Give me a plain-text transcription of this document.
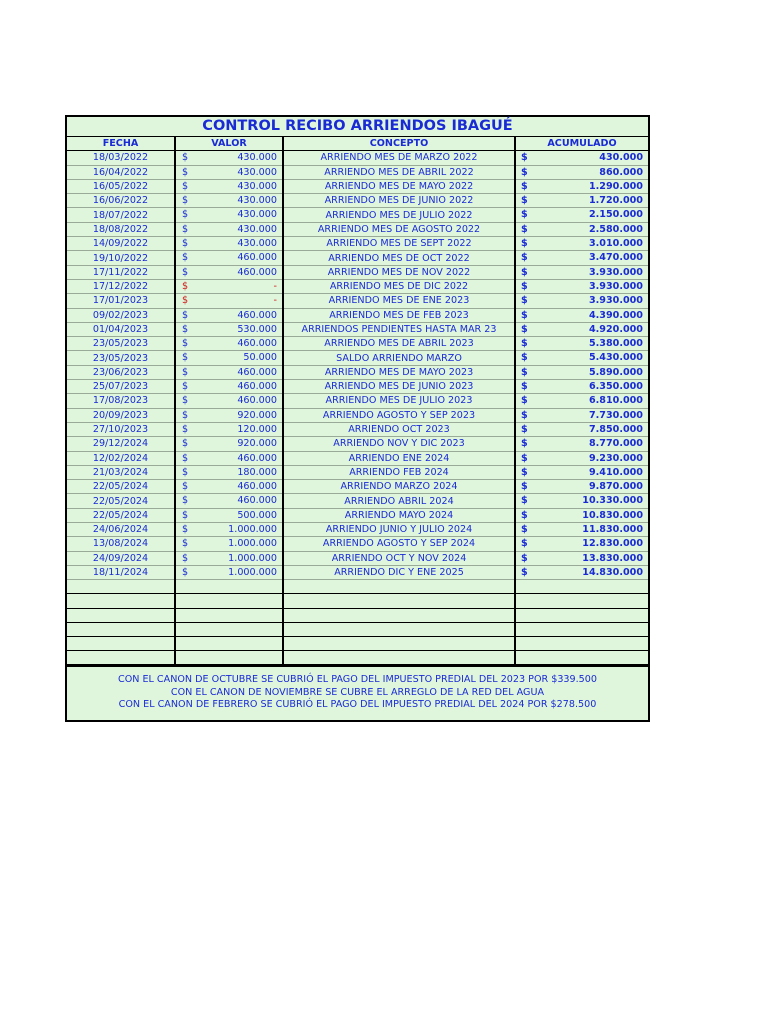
CONTROL RECIBO ARRIENDOS IBAGUÉ
FECHA	VALOR	CONCEPTO	ACUMULADO
18/03/2022	$ 430.000	ARRIENDO MES DE MARZO 2022	$ 430.000

16/04/2022	$ 430.000	ARRIENDO MES DE ABRIL 2022	$ 860.000

16/05/2022	$ 430.000	ARRIENDO MES DE MAYO 2022	$ 1.290.000

16/06/2022	$ 430.000	ARRIENDO MES DE JUNIO 2022	$ 1.720.000

18/07/2022	$ 430.000	ARRIENDO MES DE JULIO 2022	$ 2.150.000

18/08/2022	$ 430.000	ARRIENDO MES DE AGOSTO 2022	$ 2.580.000

14/09/2022	$ 430.000	ARRIENDO MES DE SEPT 2022	$ 3.010.000

19/10/2022	$ 460.000	ARRIENDO MES DE OCT 2022	$ 3.470.000

17/11/2022	$ 460.000	ARRIENDO MES DE NOV 2022	$ 3.930.000

17/12/2022	$ -	ARRIENDO MES DE DIC 2022	$ 3.930.000

17/01/2023	$ -	ARRIENDO MES DE ENE 2023	$ 3.930.000

09/02/2023	$ 460.000	ARRIENDO MES DE FEB 2023	$ 4.390.000

01/04/2023	$ 530.000	ARRIENDOS PENDIENTES HASTA MAR 23	$ 4.920.000

23/05/2023	$ 460.000	ARRIENDO MES DE ABRIL 2023	$ 5.380.000

23/05/2023	$ 50.000	SALDO ARRIENDO MARZO	$ 5.430.000

23/06/2023	$ 460.000	ARRIENDO MES DE MAYO 2023	$ 5.890.000

25/07/2023	$ 460.000	ARRIENDO MES DE JUNIO 2023	$ 6.350.000

17/08/2023	$ 460.000	ARRIENDO MES DE JULIO 2023	$ 6.810.000

20/09/2023	$ 920.000	ARRIENDO AGOSTO Y SEP 2023	$ 7.730.000

27/10/2023	$ 120.000	ARRIENDO OCT 2023	$ 7.850.000

29/12/2024	$ 920.000	ARRIENDO NOV Y DIC 2023	$ 8.770.000

12/02/2024	$ 460.000	ARRIENDO ENE 2024	$ 9.230.000

21/03/2024	$ 180.000	ARRIENDO FEB 2024	$ 9.410.000

22/05/2024	$ 460.000	ARRIENDO MARZO 2024	$ 9.870.000

22/05/2024	$ 460.000	ARRIENDO ABRIL 2024	$ 10.330.000

22/05/2024	$ 500.000	ARRIENDO MAYO 2024	$ 10.830.000

24/06/2024	$ 1.000.000	ARRIENDO JUNIO Y JULIO 2024	$ 11.830.000

13/08/2024	$ 1.000.000	ARRIENDO AGOSTO Y SEP 2024	$ 12.830.000

24/09/2024	$ 1.000.000	ARRIENDO OCT Y NOV 2024	$ 13.830.000

18/11/2024	$ 1.000.000	ARRIENDO DIC Y ENE 2025	$ 14.830.000

CON EL CANON DE OCTUBRE SE CUBRIÓ EL PAGO DEL IMPUESTO PREDIAL DEL 2023 POR $339.500
CON EL CANON DE NOVIEMBRE SE CUBRE EL ARREGLO DE LA RED DEL AGUA
CON EL CANON DE FEBRERO SE CUBRIÓ EL PAGO DEL IMPUESTO PREDIAL DEL 2024 POR $278.500
